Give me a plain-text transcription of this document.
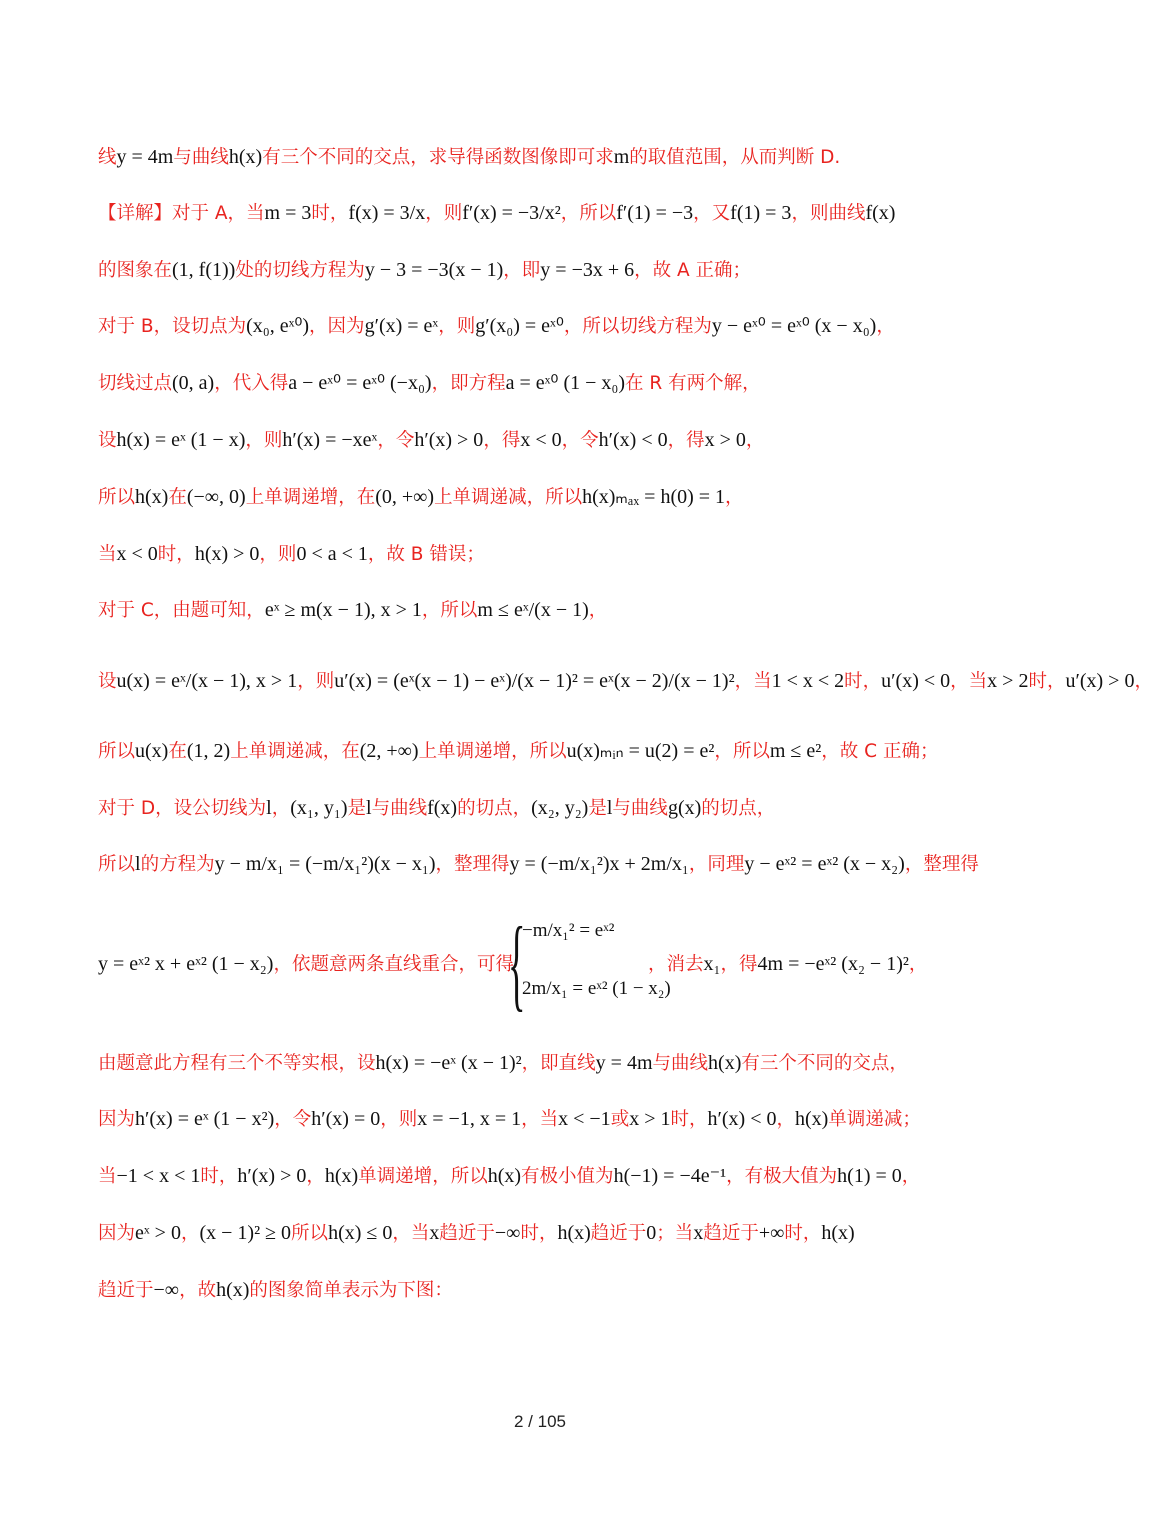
线y = 4m与曲线h(x)有三个不同的交点，求导得函数图像即可求m的取值范围，从而判断 D.
【详解】对于 A，当m = 3时，f(x) = 3/x，则f′(x) = −3/x²，所以f′(1) = −3，又f(1) = 3，则曲线f(x)
的图象在(1, f(1))处的切线方程为y − 3 = −3(x − 1)，即y = −3x + 6，故 A 正确；
对于 B，设切点为(x₀, eˣ⁰)，因为g′(x) = eˣ，则g′(x₀) = eˣ⁰，所以切线方程为y − eˣ⁰ = eˣ⁰ (x − x₀)，
切线过点(0, a)，代入得a − eˣ⁰ = eˣ⁰ (−x₀)，即方程a = eˣ⁰ (1 − x₀)在 R 有两个解，
设h(x) = eˣ (1 − x)，则h′(x) = −xeˣ，令h′(x) > 0，得x < 0，令h′(x) < 0，得x > 0，
所以h(x)在(−∞, 0)上单调递增，在(0, +∞)上单调递减，所以h(x)ₘₐₓ = h(0) = 1，
当x < 0时，h(x) > 0，则0 < a < 1，故 B 错误；
对于 C，由题可知，eˣ ≥ m(x − 1), x > 1，所以m ≤ eˣ/(x − 1)，
设u(x) = eˣ/(x − 1), x > 1，则u′(x) = (eˣ(x − 1) − eˣ)/(x − 1)² = eˣ(x − 2)/(x − 1)²，当1 < x < 2时，u′(x) < 0，当x > 2时，u′(x) > 0，
所以u(x)在(1, 2)上单调递减，在(2, +∞)上单调递增，所以u(x)ₘᵢₙ = u(2) = e²，所以m ≤ e²，故 C 正确；
对于 D，设公切线为l，(x₁, y₁)是l与曲线f(x)的切点，(x₂, y₂)是l与曲线g(x)的切点，
所以l的方程为y − m/x₁ = (−m/x₁²)(x − x₁)，整理得y = (−m/x₁²)x + 2m/x₁，同理y − eˣ² = eˣ² (x − x₂)，整理得
y = eˣ² x + eˣ² (1 − x₂)，依题意两条直线重合，可得
{
−m/x₁² = eˣ²
2m/x₁ = eˣ² (1 − x₂)
，消去x₁，得4m = −eˣ² (x₂ − 1)²，
由题意此方程有三个不等实根，设h(x) = −eˣ (x − 1)²，即直线y = 4m与曲线h(x)有三个不同的交点，
因为h′(x) = eˣ (1 − x²)，令h′(x) = 0，则x = −1, x = 1，当x < −1或x > 1时，h′(x) < 0，h(x)单调递减；
当−1 < x < 1时，h′(x) > 0，h(x)单调递增，所以h(x)有极小值为h(−1) = −4e⁻¹，有极大值为h(1) = 0，
因为eˣ > 0，(x − 1)² ≥ 0所以h(x) ≤ 0，当x趋近于−∞时，h(x)趋近于0；当x趋近于+∞时，h(x)
趋近于−∞，故h(x)的图象简单表示为下图：
2 / 105
